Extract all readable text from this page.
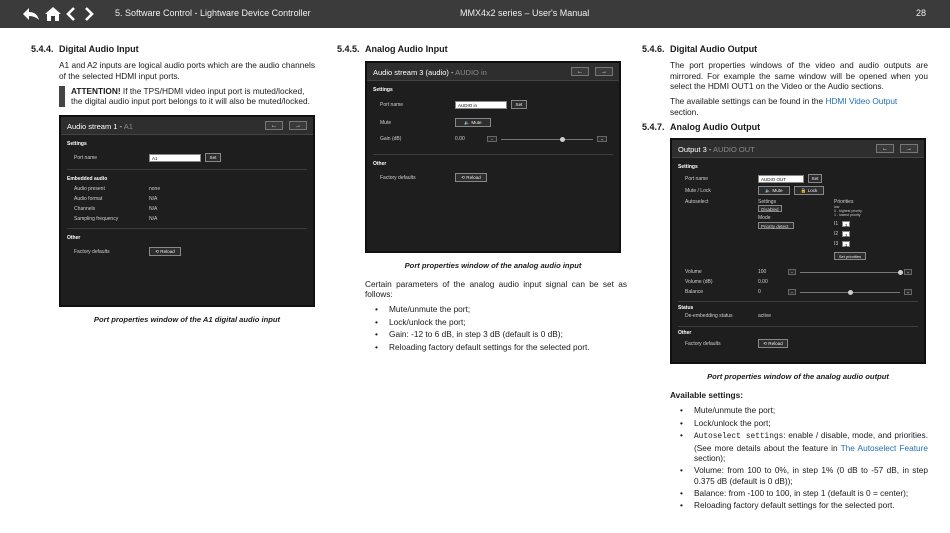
5. Software Control - Lightware Device Controller	MMX4x2 series – User's Manual	28
5.4.4. Digital Audio Input
A1 and A2 inputs are logical audio ports which are the audio channels of the selected HDMI input ports.
ATTENTION! If the TPS/HDMI video input port is muted/locked, the digital audio input port belongs to it will also be muted/locked.
Audio stream 1 - A1	←	→
Settings
Port name	A1	Set
Embedded audio
Audio present	none
Audio format	N/A
Channels	N/A
Sampling frequency	N/A
Other
Factory defaults	⟲ Reload
Port properties window of the A1 digital audio input
5.4.5. Analog Audio Input
Audio stream 3 (audio) - AUDIO in	←	→
Settings
Port name	AUDIO in	Set
Mute	🔈 Mute
Gain (dB)	0.00	−	+
Other
Factory defaults	⟲ Reload
Port properties window of the analog audio input
Certain parameters of the analog audio input signal can be set as follows:
• Mute/unmute the port;
• Lock/unlock the port;
• Gain: -12 to 6 dB, in step 3 dB (default is 0 dB);
• Reloading factory default settings for the selected port.
5.4.6. Digital Audio Output
The port properties windows of the video and audio outputs are mirrored. For example the same window will be opened when you select the HDMI OUT1 on the Video or the Audio sections.
The available settings can be found in the HDMI Video Output section.
5.4.7. Analog Audio Output
Output 3 - AUDIO OUT	←	→
Settings
Port name	AUDIO OUT	Set
Mute / Lock	🔈 Mute	🔒 Lock
Autoselect	Settings
Disabled
Mode
Priority detect
Priorities
low
0 - highest priority
1 - lowest priority
I1	1
I2	1
I3	1
Set priorities
Volume	100	−	+
Volume (dB)	0.00
Balance	0	−	+
Status
De-embedding status	active
Other
Factory defaults	⟲ Reload
Port properties window of the analog audio output
Available settings:
• Mute/unmute the port;
• Lock/unlock the port;
• Autoselect settings: enable / disable, mode, and priorities. (See more details about the feature in The Autoselect Feature section);
• Volume: from 100 to 0%, in step 1% (0 dB to -57 dB, in step 0.375 dB (default is 0 dB));
• Balance: from -100 to 100, in step 1 (default is 0 = center);
• Reloading factory default settings for the selected port.
